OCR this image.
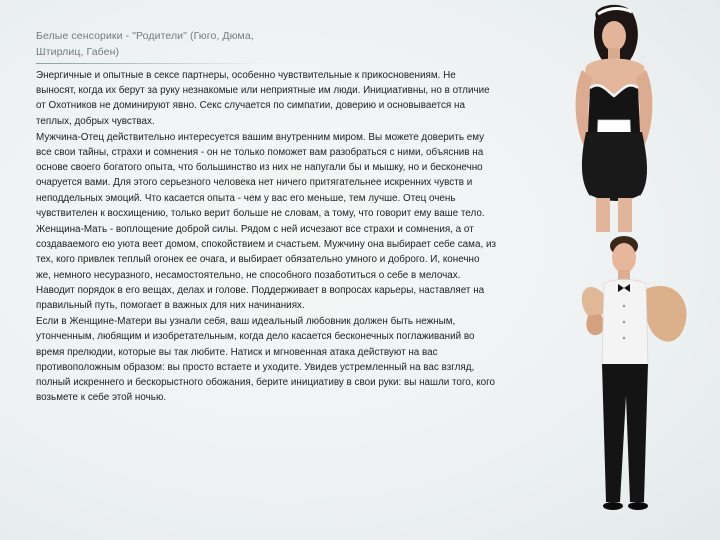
Белые сенсорики - "Родители" (Гюго, Дюма, Штирлиц, Габен)

Энергичные и опытные в сексе партнеры, особенно чувствительные к прикосновениям. Не выносят, когда их берут за руку незнакомые или неприятные им люди. Инициативны, но в отличие от Охотников не доминируют явно. Секс случается по симпатии, доверию и основывается на теплых, добрых чувствах.

Мужчина-Отец действительно интересуется вашим внутренним миром. Вы можете доверить ему все свои тайны, страхи и сомнения - он не только поможет вам разобраться с ними, объяснив на основе своего богатого опыта, что большинство из них не напугали бы и мышку, но и бесконечно очаруется вами. Для этого серьезного человека нет ничего притягательнее искренних чувств и неподдельных эмоций. Что касается опыта - чем у вас его меньше, тем лучше. Отец очень чувствителен к восхищению, только верит больше не словам, а тому, что говорит ему ваше тело.

Женщина-Мать - воплощение доброй силы. Рядом с ней исчезают все страхи и сомнения, а от создаваемого ею уюта веет домом, спокойствием и счастьем. Мужчину она выбирает себе сама, из тех, кого привлек теплый огонек ее очага, и выбирает обязательно умного и доброго. И, конечно же, немного несуразного, несамостоятельно, не способного позаботиться о себе в мелочах. Наводит порядок в его вещах, делах и голове. Поддерживает в вопросах карьеры, наставляет на правильный путь, помогает в важных для них начинаниях.

Если в Женщине-Матери вы узнали себя, ваш идеальный любовник должен быть нежным, утонченным, любящим и изобретательным, когда дело касается бесконечных поглаживаний во время прелюдии, которые вы так любите. Натиск и мгновенная атака действуют на вас противоположным образом: вы просто встаете и уходите. Увидев устремленный на вас взгляд, полный искреннего и бескорыстного обожания, берите инициативу в свои руки: вы нашли того, кого возьмете к себе этой ночью.
